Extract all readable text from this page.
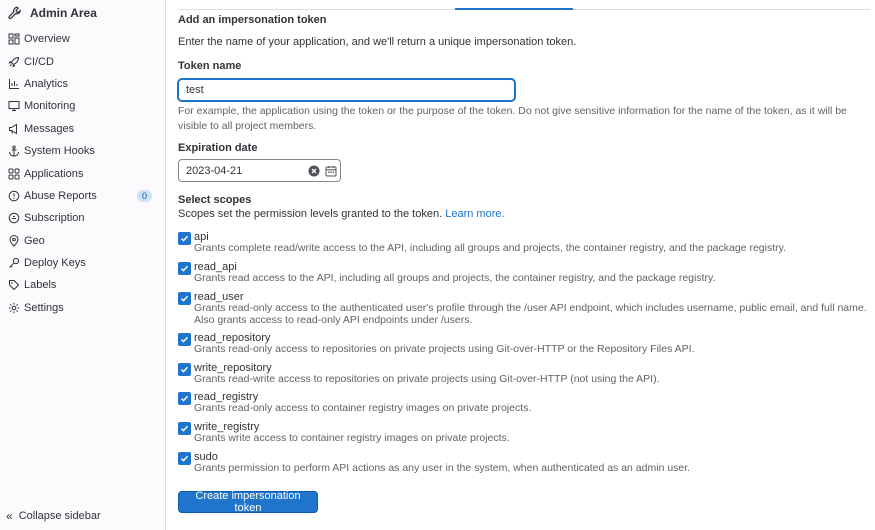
Admin Area
Overview
CI/CD
Analytics
Monitoring
Messages
System Hooks
Applications
Abuse Reports	0
Subscription
Geo
Deploy Keys
Labels
Settings
« Collapse sidebar
Add an impersonation token
Enter the name of your application, and we'll return a unique impersonation token.
Token name
test
For example, the application using the token or the purpose of the token. Do not give sensitive information for the name of the token, as it will be visible to all project members.
Expiration date
2023-04-21
Select scopes
Scopes set the permission levels granted to the token. Learn more.
api
Grants complete read/write access to the API, including all groups and projects, the container registry, and the package registry.
read_api
Grants read access to the API, including all groups and projects, the container registry, and the package registry.
read_user
Grants read-only access to the authenticated user's profile through the /user API endpoint, which includes username, public email, and full name. Also grants access to read-only API endpoints under /users.
read_repository
Grants read-only access to repositories on private projects using Git-over-HTTP or the Repository Files API.
write_repository
Grants read-write access to repositories on private projects using Git-over-HTTP (not using the API).
read_registry
Grants read-only access to container registry images on private projects.
write_registry
Grants write access to container registry images on private projects.
sudo
Grants permission to perform API actions as any user in the system, when authenticated as an admin user.
Create impersonation token
